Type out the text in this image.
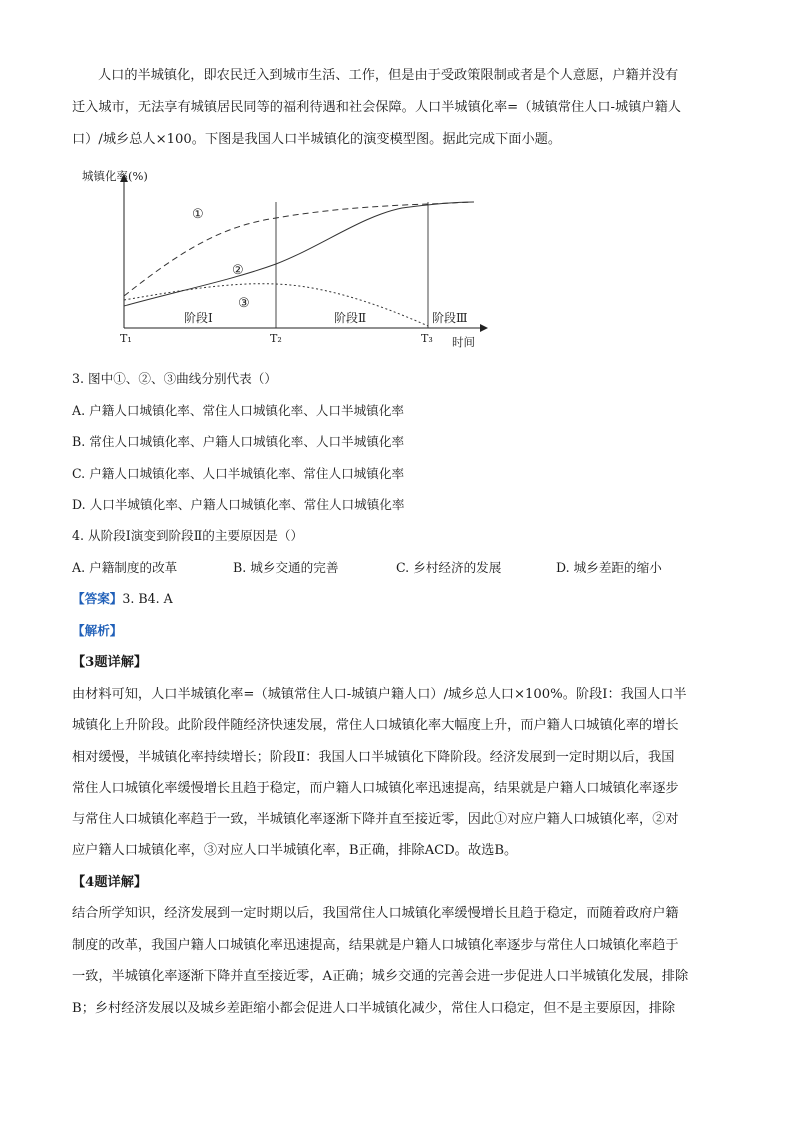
人口的半城镇化，即农民迁入到城市生活、工作，但是由于受政策限制或者是个人意愿，户籍并没有
迁入城市，无法享有城镇居民同等的福利待遇和社会保障。人口半城镇化率=（城镇常住人口-城镇户籍人
口）/城乡总人×100。下图是我国人口半城镇化的演变模型图。据此完成下面小题。
城镇化率(%)
时间
①
②
③
阶段Ⅰ	阶段Ⅱ	阶段Ⅲ
T₁	T₂	T₃
3. 图中①、②、③曲线分别代表（）
A. 户籍人口城镇化率、常住人口城镇化率、人口半城镇化率
B. 常住人口城镇化率、户籍人口城镇化率、人口半城镇化率
C. 户籍人口城镇化率、人口半城镇化率、常住人口城镇化率
D. 人口半城镇化率、户籍人口城镇化率、常住人口城镇化率
4. 从阶段Ⅰ演变到阶段Ⅱ的主要原因是（）
A. 户籍制度的改革	B. 城乡交通的完善	C. 乡村经济的发展	D. 城乡差距的缩小
【答案】3. B4. A
【解析】
【3题详解】
由材料可知，人口半城镇化率=（城镇常住人口-城镇户籍人口）/城乡总人口×100%。阶段Ⅰ：我国人口半
城镇化上升阶段。此阶段伴随经济快速发展，常住人口城镇化率大幅度上升，而户籍人口城镇化率的增长
相对缓慢，半城镇化率持续增长；阶段Ⅱ：我国人口半城镇化下降阶段。经济发展到一定时期以后，我国
常住人口城镇化率缓慢增长且趋于稳定，而户籍人口城镇化率迅速提高，结果就是户籍人口城镇化率逐步
与常住人口城镇化率趋于一致，半城镇化率逐渐下降并直至接近零，因此①对应户籍人口城镇化率，②对
应户籍人口城镇化率，③对应人口半城镇化率，B正确，排除ACD。故选B。
【4题详解】
结合所学知识，经济发展到一定时期以后，我国常住人口城镇化率缓慢增长且趋于稳定，而随着政府户籍
制度的改革，我国户籍人口城镇化率迅速提高，结果就是户籍人口城镇化率逐步与常住人口城镇化率趋于
一致，半城镇化率逐渐下降并直至接近零，A正确；城乡交通的完善会进一步促进人口半城镇化发展，排除
B；乡村经济发展以及城乡差距缩小都会促进人口半城镇化减少，常住人口稳定，但不是主要原因，排除
